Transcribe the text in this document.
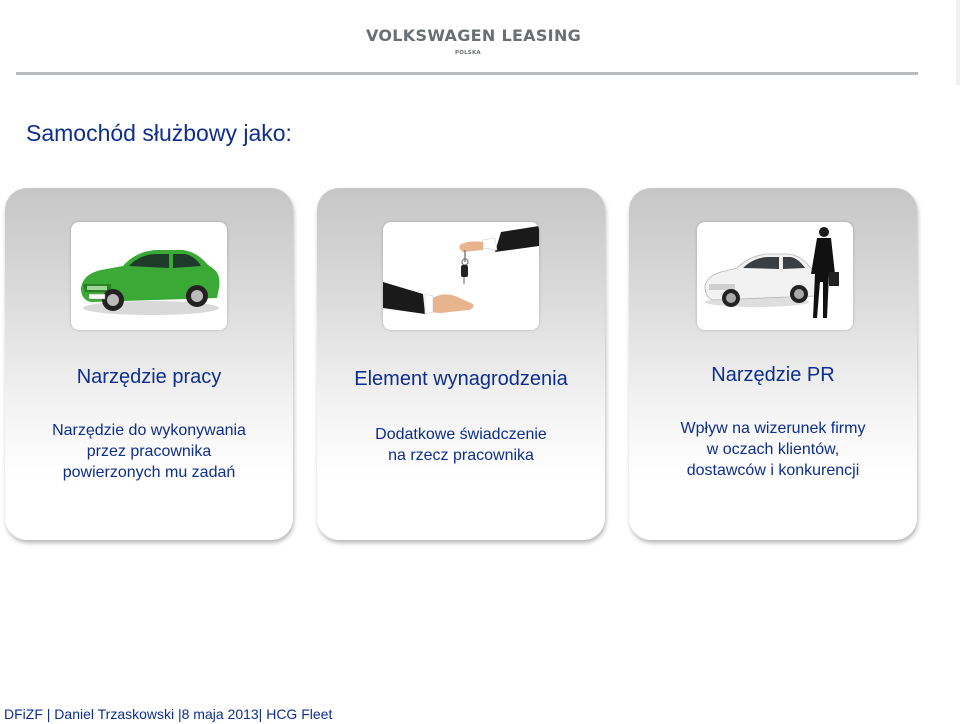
VOLKSWAGEN LEASING
POLSKA
Samochód służbowy jako:
Narzędzie pracy
Narzędzie do wykonywania
przez pracownika
powierzonych mu zadań
Element wynagrodzenia
Dodatkowe świadczenie
na rzecz pracownika
Narzędzie PR
Wpływ na wizerunek firmy
w oczach klientów,
dostawców i konkurencji
DFiZF | Daniel Trzaskowski |8 maja 2013| HCG Fleet
